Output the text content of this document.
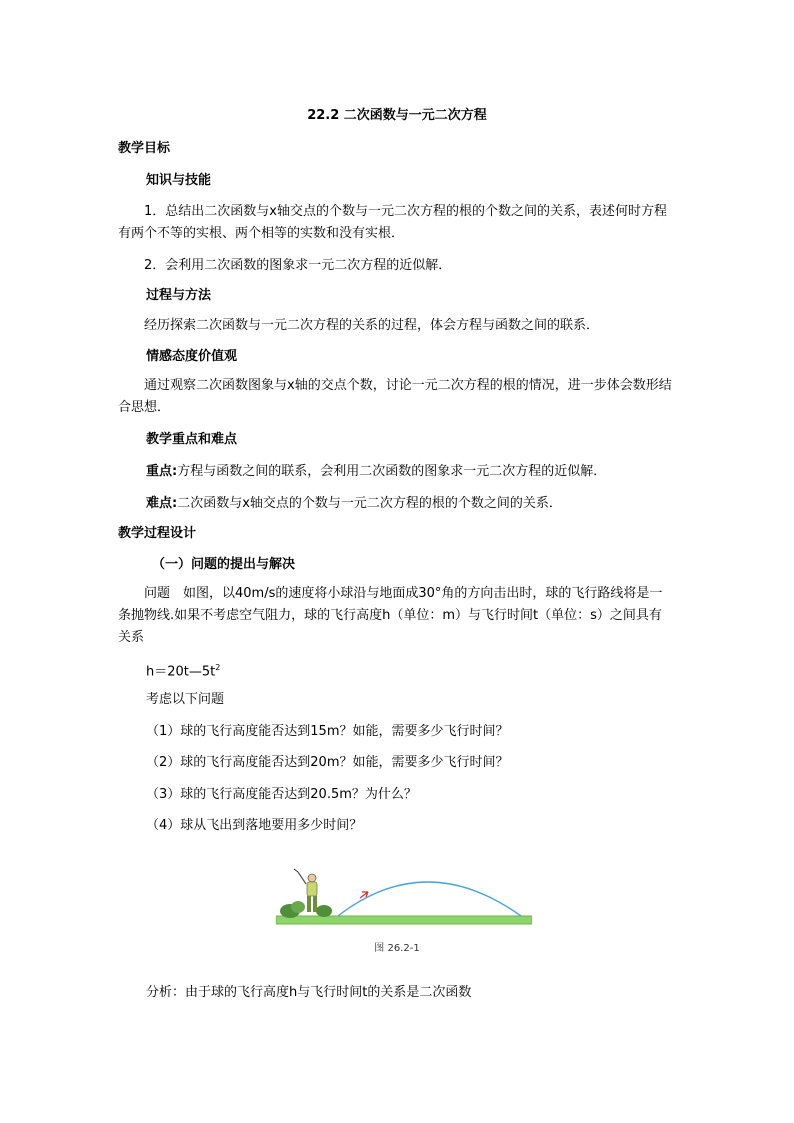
22.2 二次函数与一元二次方程
教学目标
知识与技能
1．总结出二次函数与x轴交点的个数与一元二次方程的根的个数之间的关系，表述何时方程有两个不等的实根、两个相等的实数和没有实根．
2．会利用二次函数的图象求一元二次方程的近似解．
过程与方法
经历探索二次函数与一元二次方程的关系的过程，体会方程与函数之间的联系．
情感态度价值观
通过观察二次函数图象与x轴的交点个数，讨论一元二次方程的根的情况，进一步体会数形结合思想．
教学重点和难点
重点:方程与函数之间的联系，会利用二次函数的图象求一元二次方程的近似解．
难点:二次函数与x轴交点的个数与一元二次方程的根的个数之间的关系．
教学过程设计
（一）问题的提出与解决
问题　如图，以40m/s的速度将小球沿与地面成30°角的方向击出时，球的飞行路线将是一条抛物线.如果不考虑空气阻力，球的飞行高度h（单位：m）与飞行时间t（单位：s）之间具有关系
$h=20t—5t^2$
考虑以下问题
（1）球的飞行高度能否达到15m？如能，需要多少飞行时间？
（2）球的飞行高度能否达到20m？如能，需要多少飞行时间？
（3）球的飞行高度能否达到20.5m？为什么？
（4）球从飞出到落地要用多少时间？
图 26.2-1
分析：由于球的飞行高度h与飞行时间t的关系是二次函数
